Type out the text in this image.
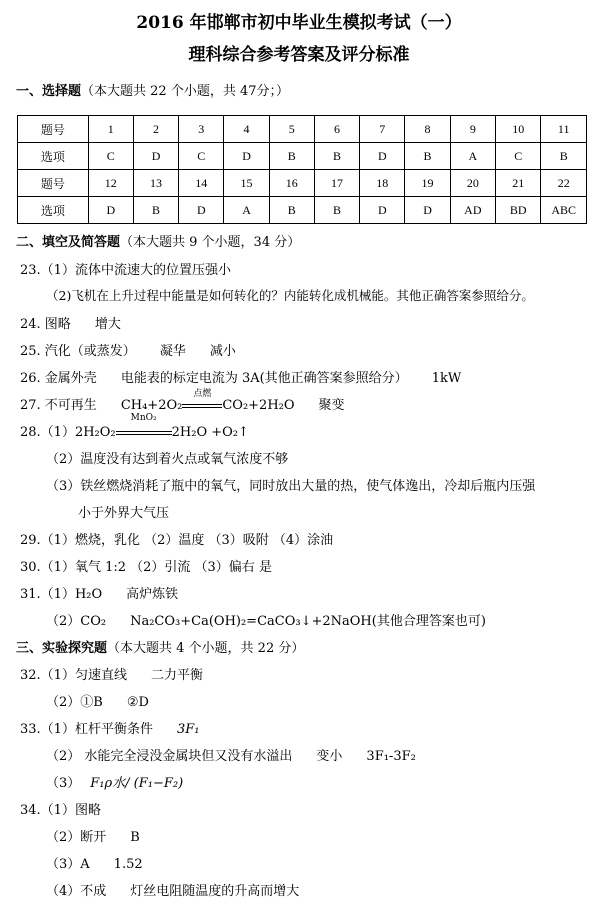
2016 年邯郸市初中毕业生模拟考试（一）
理科综合参考答案及评分标准
一、选择题（本大题共 22 个小题，共 47分；）
题号	1	2	3	4	5	6	7	8	9	10	11
选项	C	D	C	D	B	B	D	B	A	C	B
题号	12	13	14	15	16	17	18	19	20	21	22
选项	D	B	D	A	B	B	D	D	AD	BD	ABC
二、填空及简答题（本大题共 9 个小题，34 分）
23.（1）流体中流速大的位置压强小
（2)飞机在上升过程中能量是如何转化的？内能转化成机械能。其他正确答案参照给分。
24. 图略 增大
25. 汽化（或蒸发） 凝华 减小
26. 金属外壳 电能表的标定电流为 3A(其他正确答案参照给分） 1kW
27. 不可再生 CH₄+2O₂
点燃
CO₂+2H₂O 聚变
28.（1）2H₂O₂
MnO₂
2H₂O +O₂↑
（2）温度没有达到着火点或氧气浓度不够
（3）铁丝燃烧消耗了瓶中的氧气，同时放出大量的热，使气体逸出，冷却后瓶内压强
小于外界大气压
29.（1）燃烧，乳化 （2）温度 （3）吸附 （4）涂油
30.（1）氧气 1:2 （2）引流 （3）偏右 是
31.（1）H₂O 高炉炼铁
（2）CO₂ Na₂CO₃+Ca(OH)₂=CaCO₃↓+2NaOH(其他合理答案也可)
三、实验探究题（本大题共 4 个小题，共 22 分）
32.（1）匀速直线 二力平衡
（2）①B ②D
33.（1）杠杆平衡条件 3F₁
（2） 水能完全浸没金属块但又没有水溢出 变小 3F₁-3F₂
（3） F₁ρ水/ (F₁−F₂)
34.（1）图略
（2）断开 B
（3）A 1.52
（4）不成 灯丝电阻随温度的升高而增大
